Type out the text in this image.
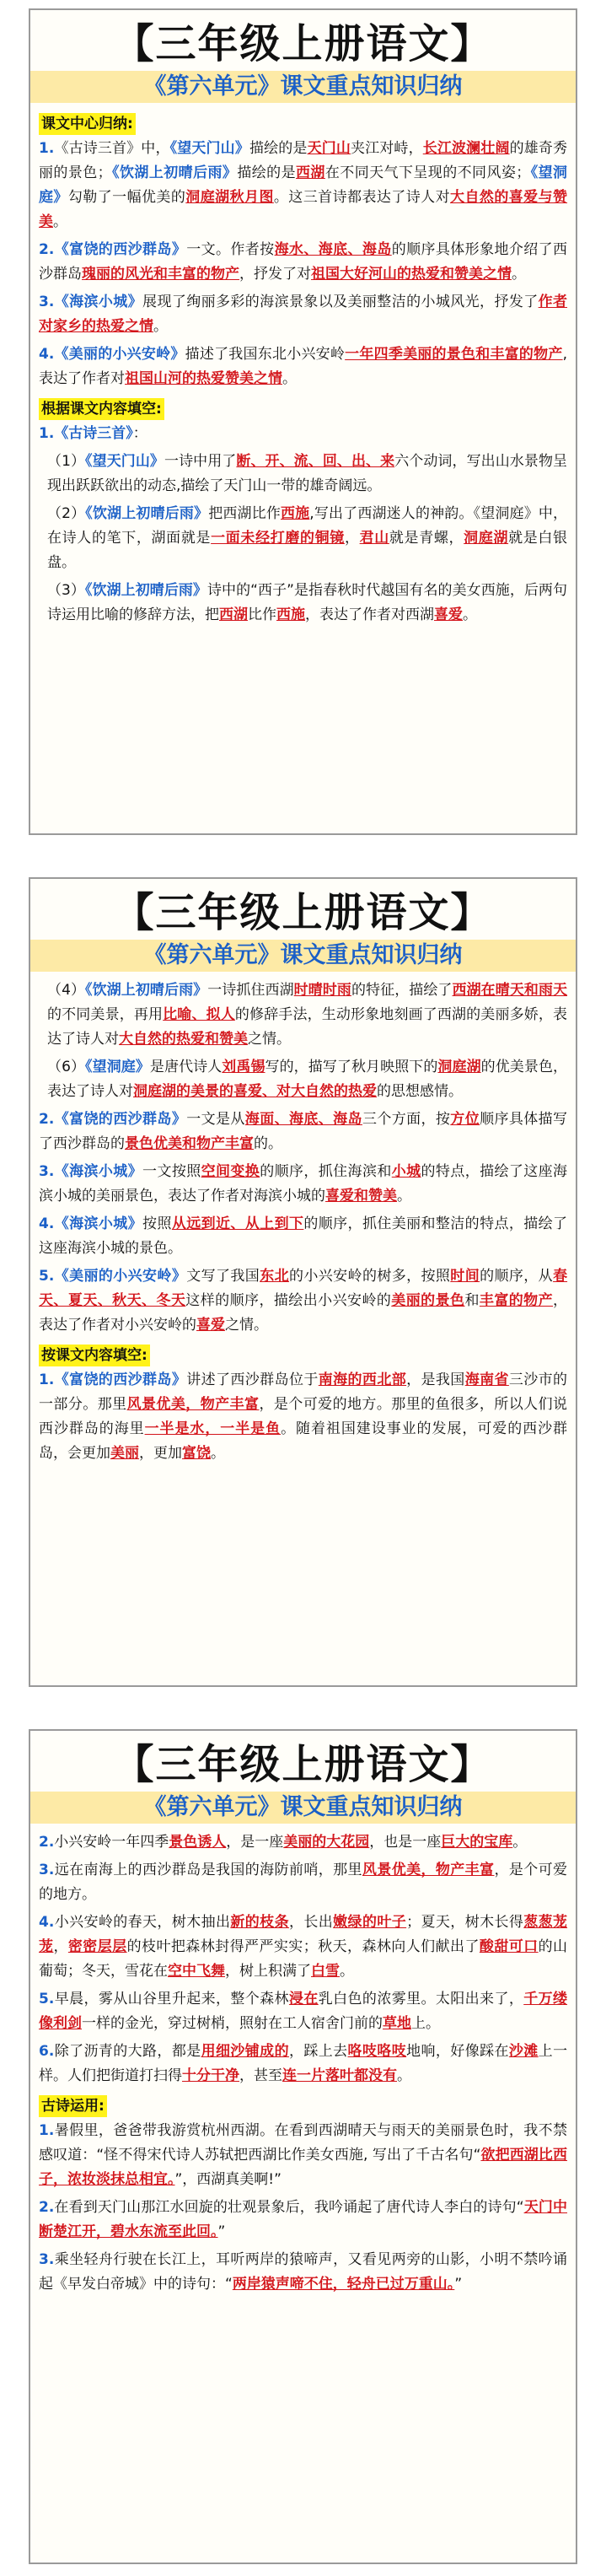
【三年级上册语文】
《第六单元》课文重点知识归纳
课文中心归纳:
1.《古诗三首》中，《望天门山》描绘的是天门山夹江对峙，长江波澜壮阔的雄奇秀丽的景色；《饮湖上初晴后雨》描绘的是西湖在不同天气下呈现的不同风姿；《望洞庭》勾勒了一幅优美的洞庭湖秋月图。这三首诗都表达了诗人对大自然的喜爱与赞美。
2.《富饶的西沙群岛》一文。作者按海水、海底、海岛的顺序具体形象地介绍了西沙群岛瑰丽的风光和丰富的物产，抒发了对祖国大好河山的热爱和赞美之情。
3.《海滨小城》展现了绚丽多彩的海滨景象以及美丽整洁的小城风光，抒发了作者对家乡的热爱之情。
4.《美丽的小兴安岭》描述了我国东北小兴安岭一年四季美丽的景色和丰富的物产,表达了作者对祖国山河的热爱赞美之情。
根据课文内容填空:
1.《古诗三首》：
（1）《望天门山》一诗中用了断、开、流、回、出、来六个动词，写出山水景物呈现出跃跃欲出的动态,描绘了天门山一带的雄奇阔远。
（2）《饮湖上初晴后雨》把西湖比作西施,写出了西湖迷人的神韵。《望洞庭》中，在诗人的笔下，湖面就是一面未经打磨的铜镜，君山就是青螺，洞庭湖就是白银盘。
（3）《饮湖上初晴后雨》诗中的“西子”是指春秋时代越国有名的美女西施，后两句诗运用比喻的修辞方法，把西湖比作西施，表达了作者对西湖喜爱。
【三年级上册语文】
《第六单元》课文重点知识归纳
（4）《饮湖上初晴后雨》一诗抓住西湖时晴时雨的特征，描绘了西湖在晴天和雨天的不同美景，再用比喻、拟人的修辞手法，生动形象地刻画了西湖的美丽多娇，表达了诗人对大自然的热爱和赞美之情。
（6）《望洞庭》是唐代诗人刘禹锡写的，描写了秋月映照下的洞庭湖的优美景色，表达了诗人对洞庭湖的美景的喜爱、对大自然的热爱的思想感情。
2.《富饶的西沙群岛》一文是从海面、海底、海岛三个方面，按方位顺序具体描写了西沙群岛的景色优美和物产丰富的。
3.《海滨小城》一文按照空间变换的顺序，抓住海滨和小城的特点，描绘了这座海滨小城的美丽景色，表达了作者对海滨小城的喜爱和赞美。
4.《海滨小城》按照从远到近、从上到下的顺序，抓住美丽和整洁的特点，描绘了这座海滨小城的景色。
5.《美丽的小兴安岭》文写了我国东北的小兴安岭的树多，按照时间的顺序，从春天、夏天、秋天、冬天这样的顺序，描绘出小兴安岭的美丽的景色和丰富的物产，表达了作者对小兴安岭的喜爱之情。
按课文内容填空:
1.《富饶的西沙群岛》讲述了西沙群岛位于南海的西北部，是我国海南省三沙市的一部分。那里风景优美，物产丰富，是个可爱的地方。那里的鱼很多，所以人们说西沙群岛的海里一半是水，一半是鱼。随着祖国建设事业的发展，可爱的西沙群岛，会更加美丽，更加富饶。
【三年级上册语文】
《第六单元》课文重点知识归纳
2.小兴安岭一年四季景色诱人，是一座美丽的大花园，也是一座巨大的宝库。
3.远在南海上的西沙群岛是我国的海防前哨，那里风景优美，物产丰富，是个可爱的地方。
4.小兴安岭的春天，树木抽出新的枝条，长出嫩绿的叶子；夏天，树木长得葱葱茏茏，密密层层的枝叶把森林封得严严实实；秋天，森林向人们献出了酸甜可口的山葡萄；冬天，雪花在空中飞舞，树上积满了白雪。
5.早晨，雾从山谷里升起来，整个森林浸在乳白色的浓雾里。太阳出来了，千万缕像利剑一样的金光，穿过树梢，照射在工人宿舍门前的草地上。
6.除了沥青的大路，都是用细沙铺成的，踩上去咯吱咯吱地响，好像踩在沙滩上一样。人们把街道打扫得十分干净，甚至连一片落叶都没有。
古诗运用:
1.暑假里，爸爸带我游赏杭州西湖。在看到西湖晴天与雨天的美丽景色时，我不禁感叹道：“怪不得宋代诗人苏轼把西湖比作美女西施, 写出了千古名句“欲把西湖比西子，浓妆淡抹总相宜。”，西湖真美啊!”
2.在看到天门山那江水回旋的壮观景象后，我吟诵起了唐代诗人李白的诗句“天门中断楚江开，碧水东流至此回。”
3.乘坐轻舟行驶在长江上，耳听两岸的猿啼声，又看见两旁的山影，小明不禁吟诵起《早发白帝城》中的诗句：“两岸猿声啼不住，轻舟已过万重山。”
